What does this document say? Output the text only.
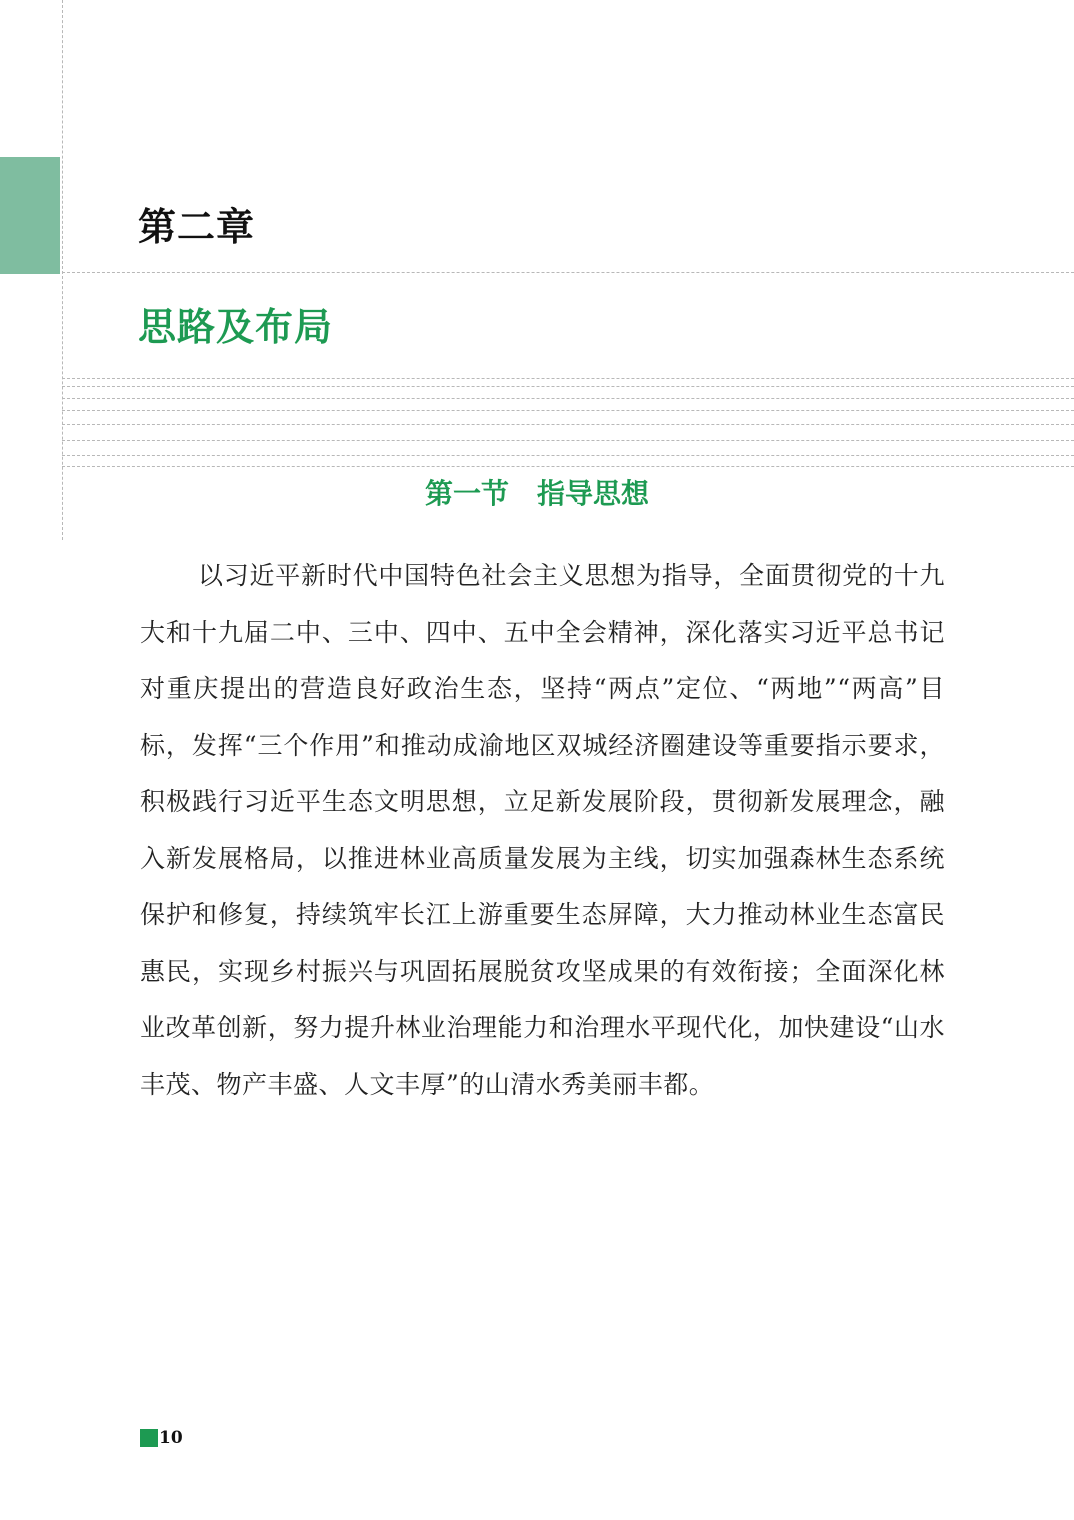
第二章
思路及布局
第一节　指导思想

以习近平新时代中国特色社会主义思想为指导，全面贯彻党的十九大和十九届二中、三中、四中、五中全会精神，深化落实习近平总书记对重庆提出的营造良好政治生态，坚持“两点”定位、“两地”“两高”目标，发挥“三个作用”和推动成渝地区双城经济圈建设等重要指示要求，积极践行习近平生态文明思想，立足新发展阶段，贯彻新发展理念，融入新发展格局，以推进林业高质量发展为主线，切实加强森林生态系统保护和修复，持续筑牢长江上游重要生态屏障，大力推动林业生态富民惠民，实现乡村振兴与巩固拓展脱贫攻坚成果的有效衔接；全面深化林业改革创新，努力提升林业治理能力和治理水平现代化，加快建设“山水丰茂、物产丰盛、人文丰厚”的山清水秀美丽丰都。

10
